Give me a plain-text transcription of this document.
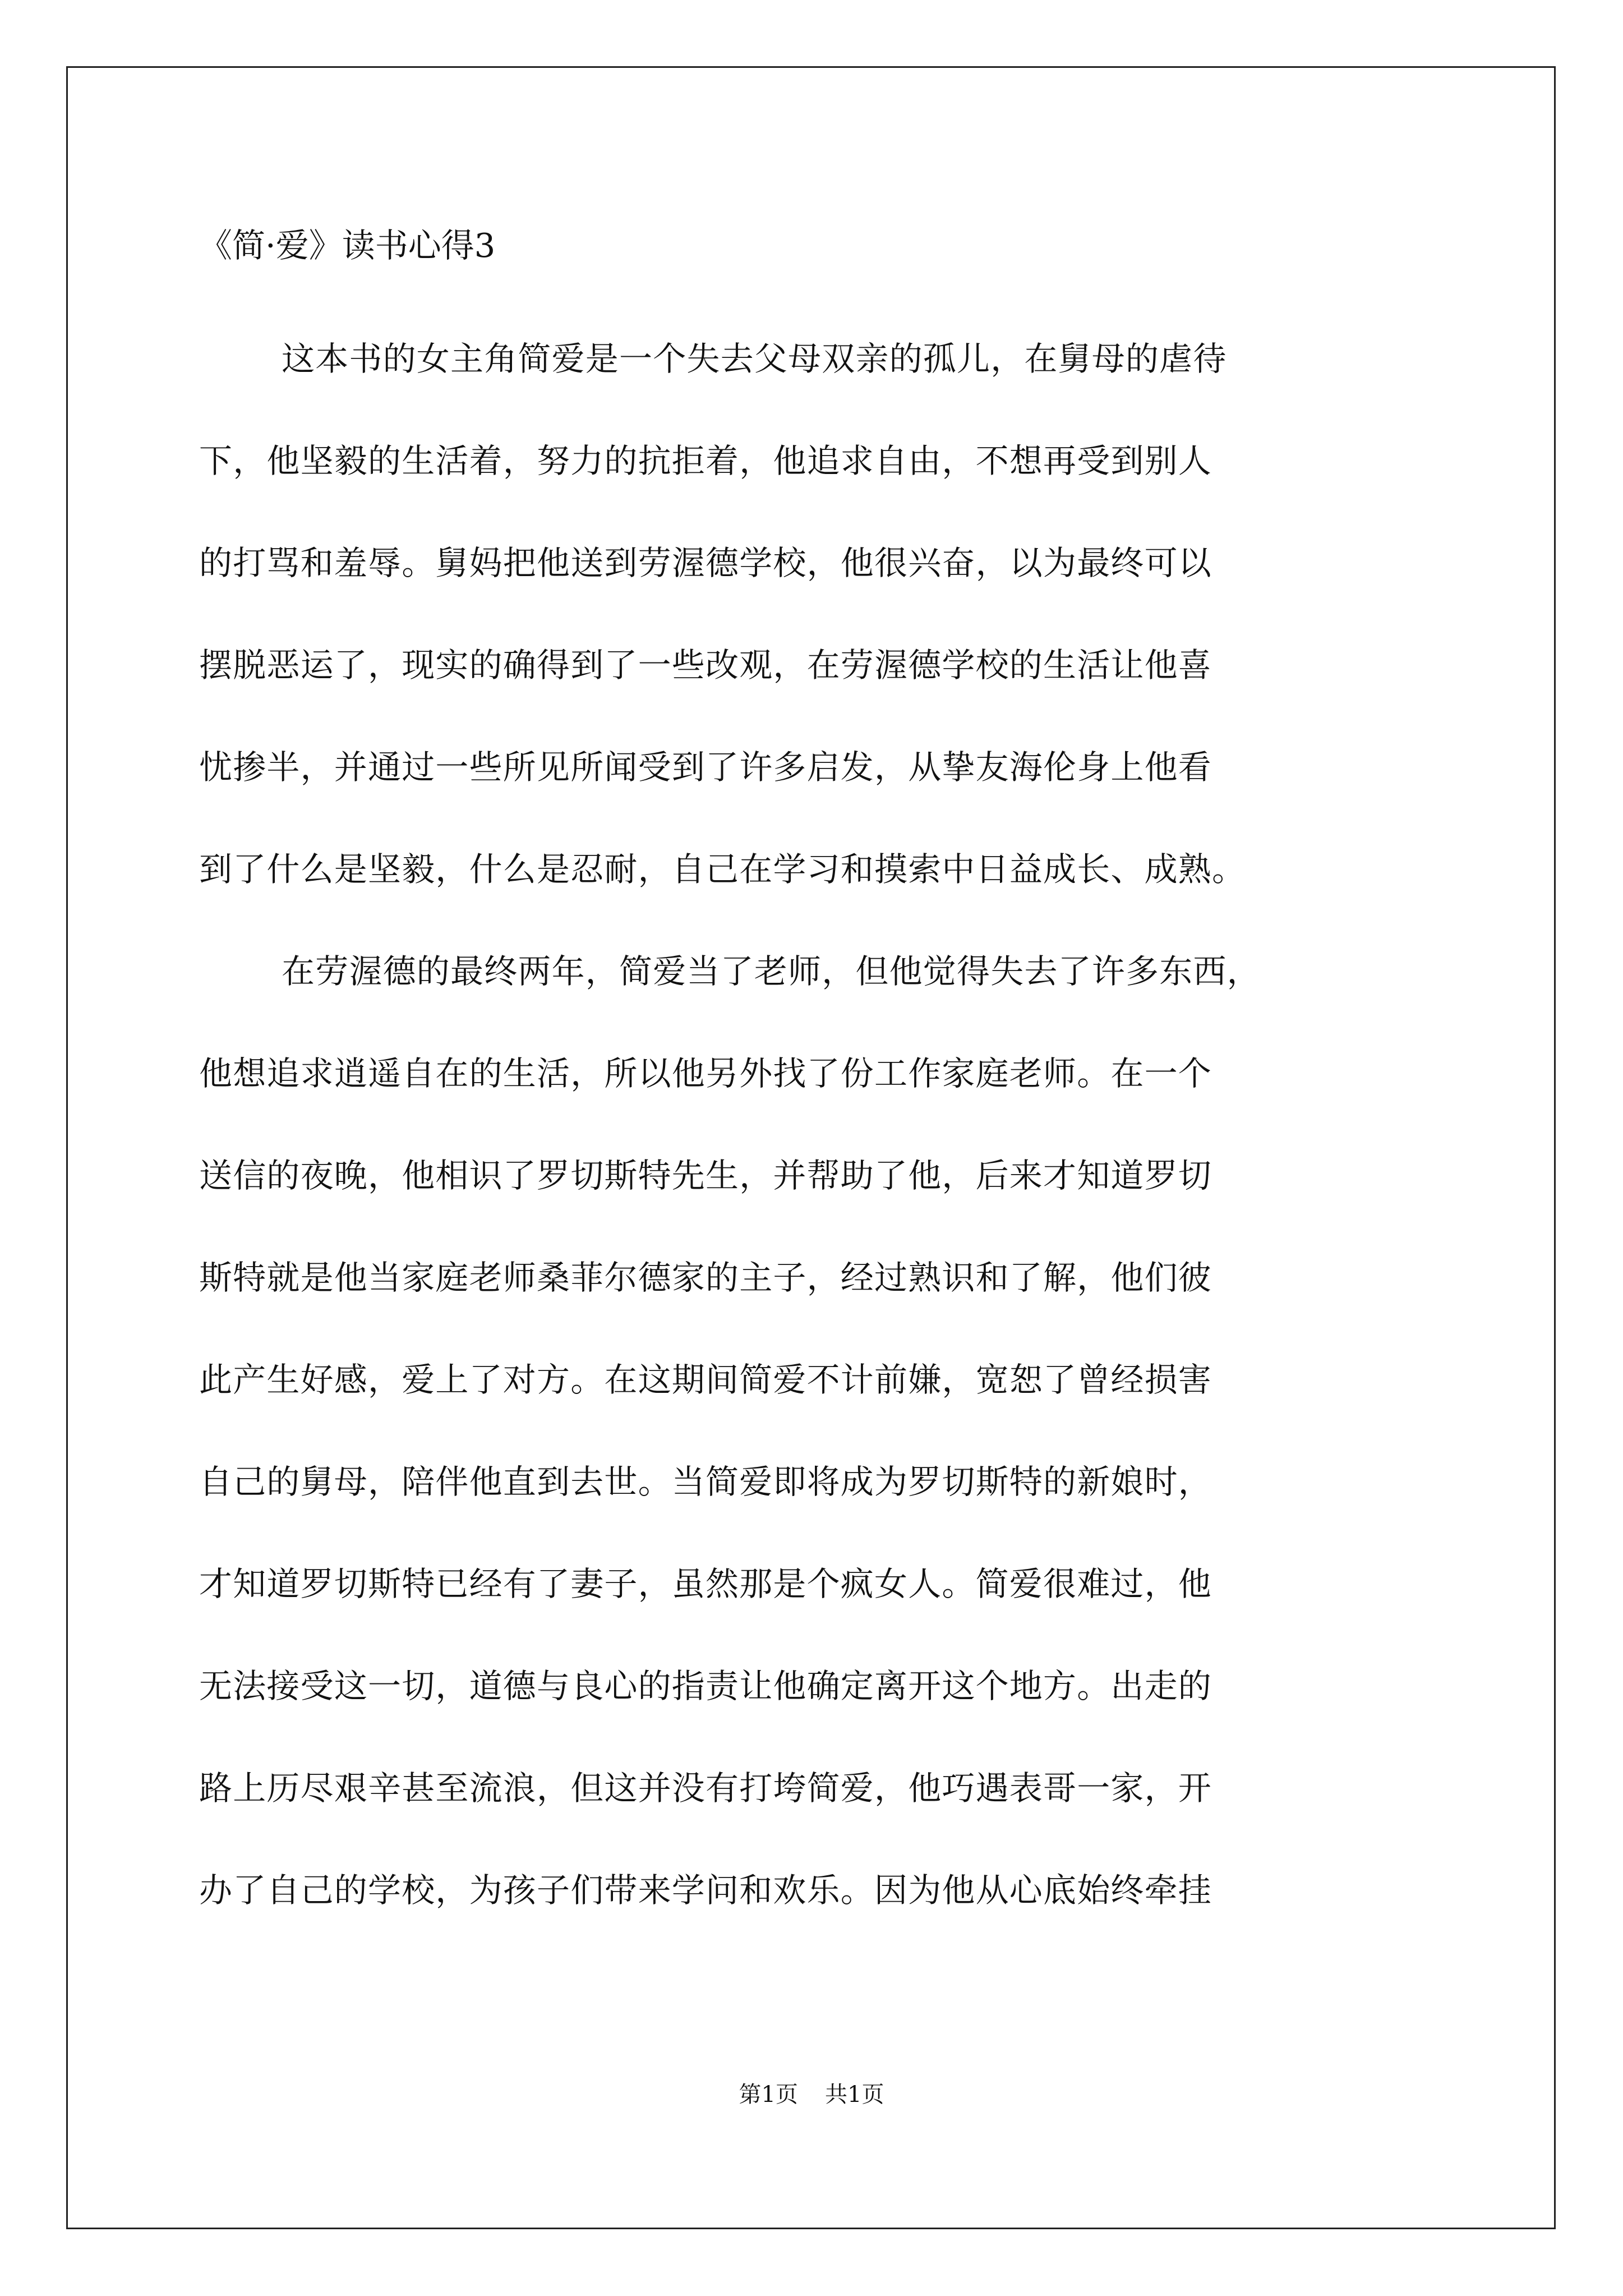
《简·爱》读书心得3
这本书的女主角简爱是一个失去父母双亲的孤儿，在舅母的虐待
下，他坚毅的生活着，努力的抗拒着，他追求自由，不想再受到别人
的打骂和羞辱。舅妈把他送到劳渥德学校，他很兴奋，以为最终可以
摆脱恶运了，现实的确得到了一些改观，在劳渥德学校的生活让他喜
忧掺半，并通过一些所见所闻受到了许多启发，从挚友海伦身上他看
到了什么是坚毅，什么是忍耐，自己在学习和摸索中日益成长、成熟。
在劳渥德的最终两年，简爱当了老师，但他觉得失去了许多东西，
他想追求逍遥自在的生活，所以他另外找了份工作家庭老师。在一个
送信的夜晚，他相识了罗切斯特先生，并帮助了他，后来才知道罗切
斯特就是他当家庭老师桑菲尔德家的主子，经过熟识和了解，他们彼
此产生好感，爱上了对方。在这期间简爱不计前嫌，宽恕了曾经损害
自己的舅母，陪伴他直到去世。当简爱即将成为罗切斯特的新娘时，
才知道罗切斯特已经有了妻子，虽然那是个疯女人。简爱很难过，他
无法接受这一切，道德与良心的指责让他确定离开这个地方。出走的
路上历尽艰辛甚至流浪，但这并没有打垮简爱，他巧遇表哥一家，开
办了自己的学校，为孩子们带来学问和欢乐。因为他从心底始终牵挂
第1页 共1页
